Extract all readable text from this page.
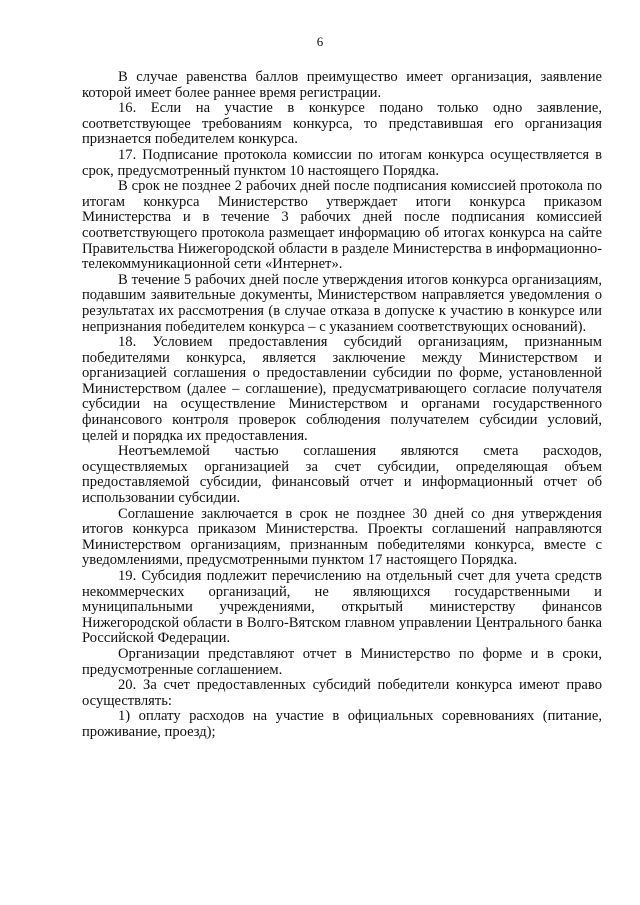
6

В случае равенства баллов преимущество имеет организация, заявление которой имеет более раннее время регистрации.

16. Если на участие в конкурсе подано только одно заявление, соответствующее требованиям конкурса, то представившая его организация признается победителем конкурса.

17. Подписание протокола комиссии по итогам конкурса осуществляется в срок, предусмотренный пунктом 10 настоящего Порядка.

В срок не позднее 2 рабочих дней после подписания комиссией протокола по итогам конкурса Министерство утверждает итоги конкурса приказом Министерства и в течение 3 рабочих дней после подписания комиссией соответствующего протокола размещает информацию об итогах конкурса на сайте Правительства Нижегородской области в разделе Министерства в информационно-телекоммуникационной сети «Интернет».

В течение 5 рабочих дней после утверждения итогов конкурса организациям, подавшим заявительные документы, Министерством направляется уведомления о результатах их рассмотрения (в случае отказа в допуске к участию в конкурсе или непризнания победителем конкурса – с указанием соответствующих оснований).

18. Условием предоставления субсидий организациям, признанным победителями конкурса, является заключение между Министерством и организацией соглашения о предоставлении субсидии по форме, установленной Министерством (далее – соглашение), предусматривающего согласие получателя субсидии на осуществление Министерством и органами государственного финансового контроля проверок соблюдения получателем субсидии условий, целей и порядка их предоставления.

Неотъемлемой частью соглашения являются смета расходов, осуществляемых организацией за счет субсидии, определяющая объем предоставляемой субсидии, финансовый отчет и информационный отчет об использовании субсидии.

Соглашение заключается в срок не позднее 30 дней со дня утверждения итогов конкурса приказом Министерства. Проекты соглашений направляются Министерством организациям, признанным победителями конкурса, вместе с уведомлениями, предусмотренными пунктом 17 настоящего Порядка.

19. Субсидия подлежит перечислению на отдельный счет для учета средств некоммерческих организаций, не являющихся государственными и муниципальными учреждениями, открытый министерству финансов Нижегородской области в Волго-Вятском главном управлении Центрального банка Российской Федерации.

Организации представляют отчет в Министерство по форме и в сроки, предусмотренные соглашением.

20. За счет предоставленных субсидий победители конкурса имеют право осуществлять:

1) оплату расходов на участие в официальных соревнованиях (питание, проживание, проезд);
